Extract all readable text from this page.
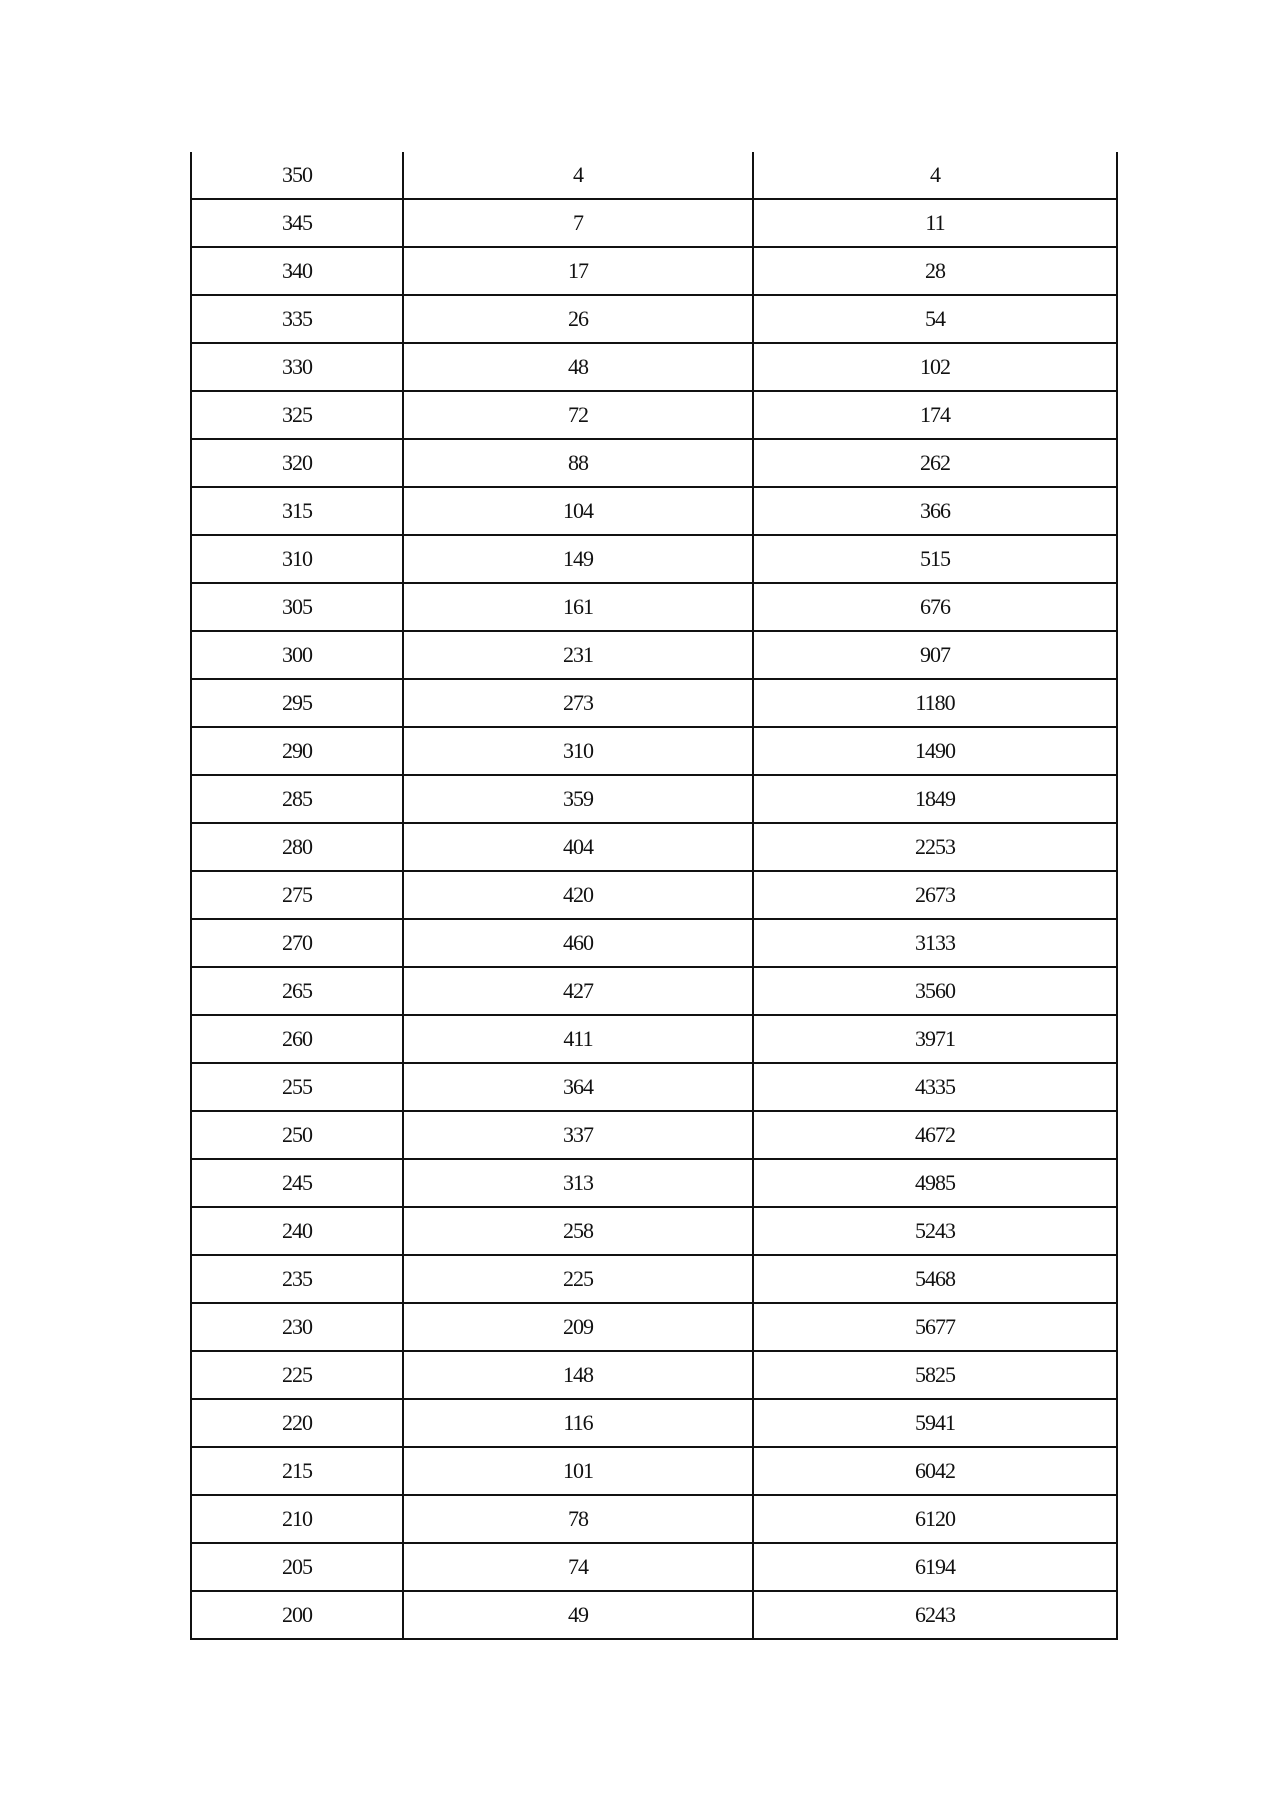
350	4	4
345	7	11
340	17	28
335	26	54
330	48	102
325	72	174
320	88	262
315	104	366
310	149	515
305	161	676
300	231	907
295	273	1180
290	310	1490
285	359	1849
280	404	2253
275	420	2673
270	460	3133
265	427	3560
260	411	3971
255	364	4335
250	337	4672
245	313	4985
240	258	5243
235	225	5468
230	209	5677
225	148	5825
220	116	5941
215	101	6042
210	78	6120
205	74	6194
200	49	6243
